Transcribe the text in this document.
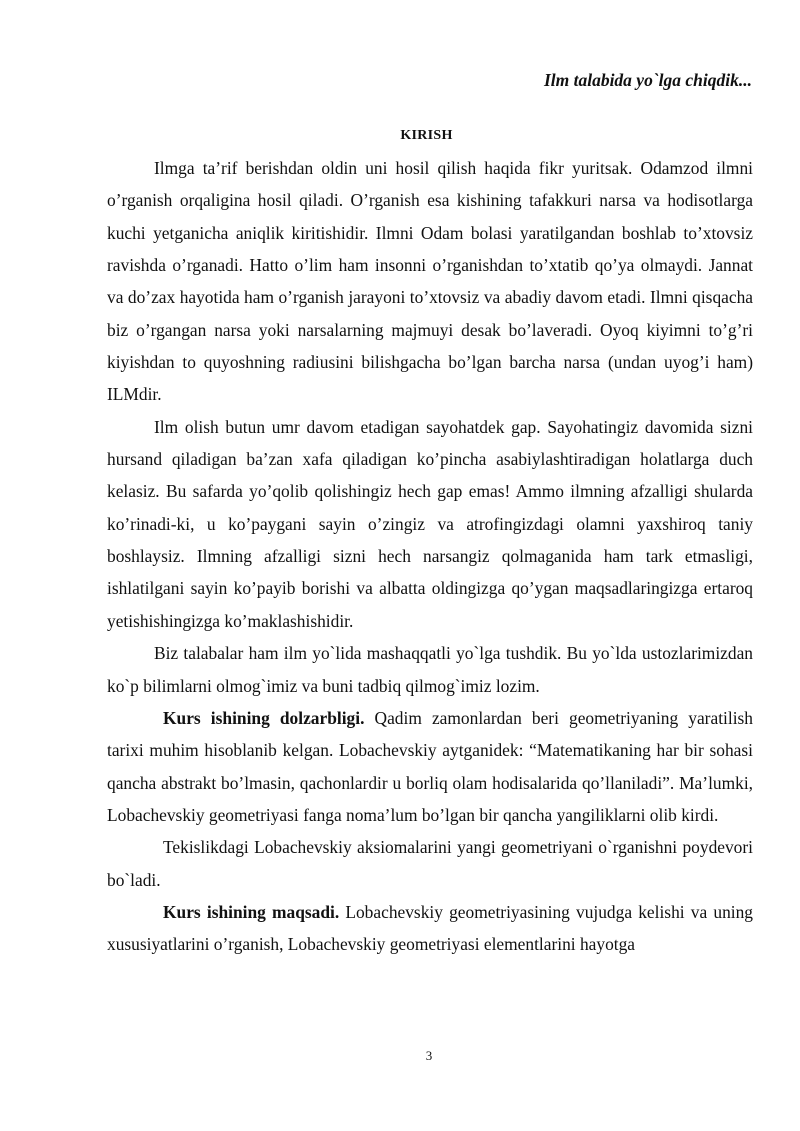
Ilm talabida yo`lga chiqdik...
KIRISH

Ilmga ta’rif berishdan oldin uni hosil qilish haqida fikr yuritsak. Odamzod ilmni o’rganish orqaligina hosil qiladi. O’rganish esa kishining tafakkuri narsa va hodisotlarga kuchi yetganicha aniqlik kiritishidir. Ilmni Odam bolasi yaratilgandan boshlab to’xtovsiz ravishda o’rganadi. Hatto o’lim ham insonni o’rganishdan to’xtatib qo’ya olmaydi. Jannat va do’zax hayotida ham o’rganish jarayoni to’xtovsiz va abadiy davom etadi. Ilmni qisqacha biz o’rgangan narsa yoki narsalarning majmuyi desak bo’laveradi. Oyoq kiyimni to’g’ri kiyishdan to quyoshning radiusini bilishgacha bo’lgan barcha narsa (undan uyog’i ham) ILMdir.

Ilm olish butun umr davom etadigan sayohatdek gap. Sayohatingiz davomida sizni hursand qiladigan ba’zan xafa qiladigan ko’pincha asabiylashtiradigan holatlarga duch kelasiz. Bu safarda yo’qolib qolishingiz hech gap emas! Ammo ilmning afzalligi shularda ko’rinadi-ki, u ko’paygani sayin o’zingiz va atrofingizdagi olamni yaxshiroq taniy boshlaysiz. Ilmning afzalligi sizni hech narsangiz qolmaganida ham tark etmasligi, ishlatilgani sayin ko’payib borishi va albatta oldingizga qo’ygan maqsadlaringizga ertaroq yetishishingizga ko’maklashishidir.

Biz talabalar ham ilm yo`lida mashaqqatli yo`lga tushdik. Bu yo`lda ustozlarimizdan ko`p bilimlarni olmog`imiz va buni tadbiq qilmog`imiz lozim.

Kurs ishining dolzarbligi. Qadim zamonlardan beri geometriyaning yaratilish tarixi muhim hisoblanib kelgan. Lobachevskiy aytganidek: “Matematikaning har bir sohasi qancha abstrakt bo’lmasin, qachonlardir u borliq olam hodisalarida qo’llaniladi”. Ma’lumki, Lobachevskiy geometriyasi fanga noma’lum bo’lgan bir qancha yangiliklarni olib kirdi.

Tekislikdagi Lobachevskiy aksiomalarini yangi geometriyani o`rganishni poydevori bo`ladi.

Kurs ishining maqsadi. Lobachevskiy geometriyasining vujudga kelishi va uning xususiyatlarini o’rganish, Lobachevskiy geometriyasi elementlarini hayotga

3
